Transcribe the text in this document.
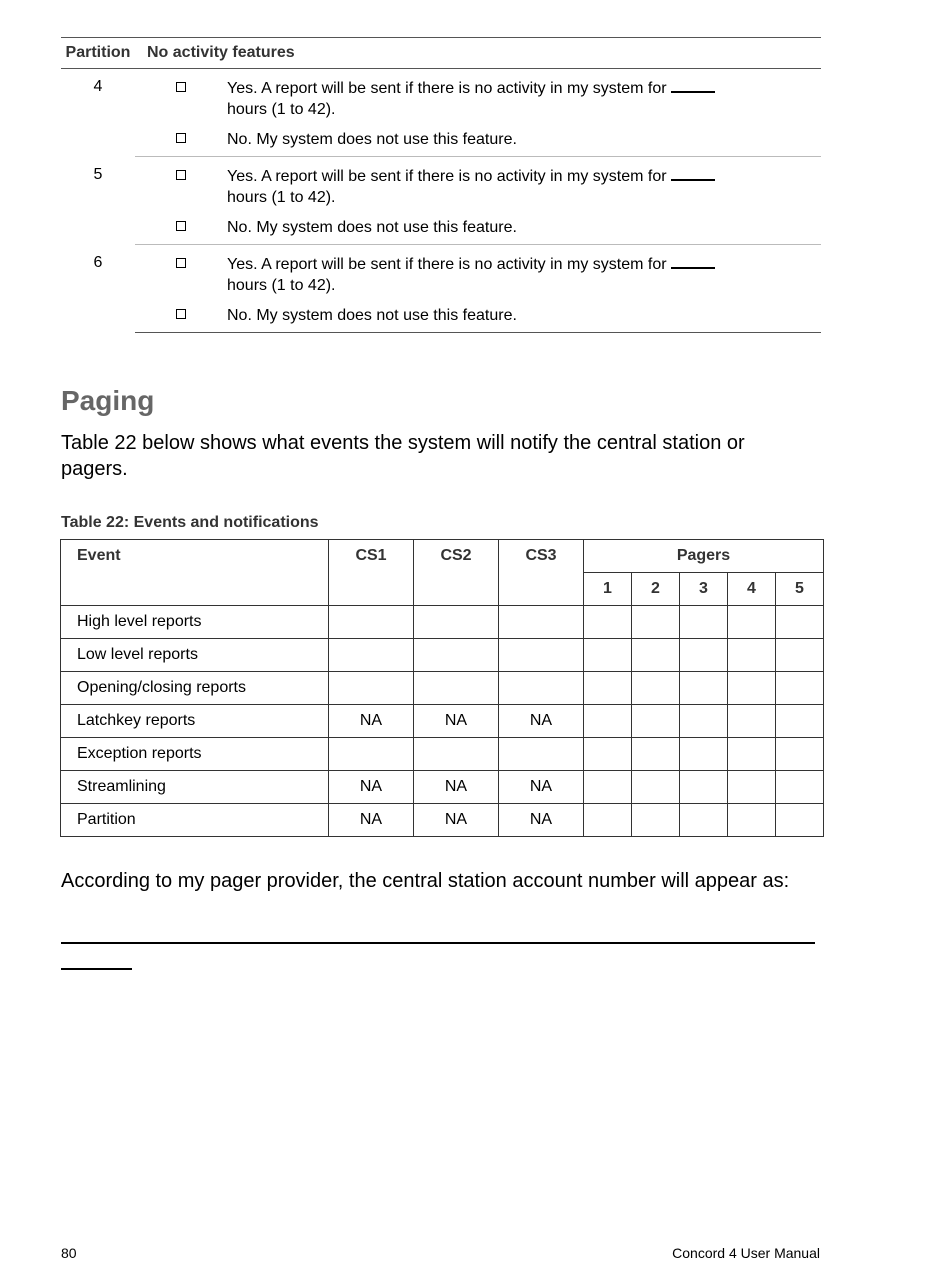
Partition	No activity features	
4		Yes. A report will be sent if there is no activity in my system for
hours (1 to 42).
		No. My system does not use this feature.
5		Yes. A report will be sent if there is no activity in my system for
hours (1 to 42).
		No. My system does not use this feature.
6		Yes. A report will be sent if there is no activity in my system for
hours (1 to 42).
		No. My system does not use this feature.
Paging

Table 22 below shows what events the system will notify the central station or pagers.

Table 22: Events and notifications

Event	CS1	CS2	CS3	Pagers				
				1	2	3	4	5
High level reports								
Low level reports								
Opening/closing reports								
Latchkey reports	NA	NA	NA					
Exception reports								
Streamlining	NA	NA	NA					
Partition	NA	NA	NA					

According to my pager provider, the central station account number will appear as:

80	Concord 4 User Manual
